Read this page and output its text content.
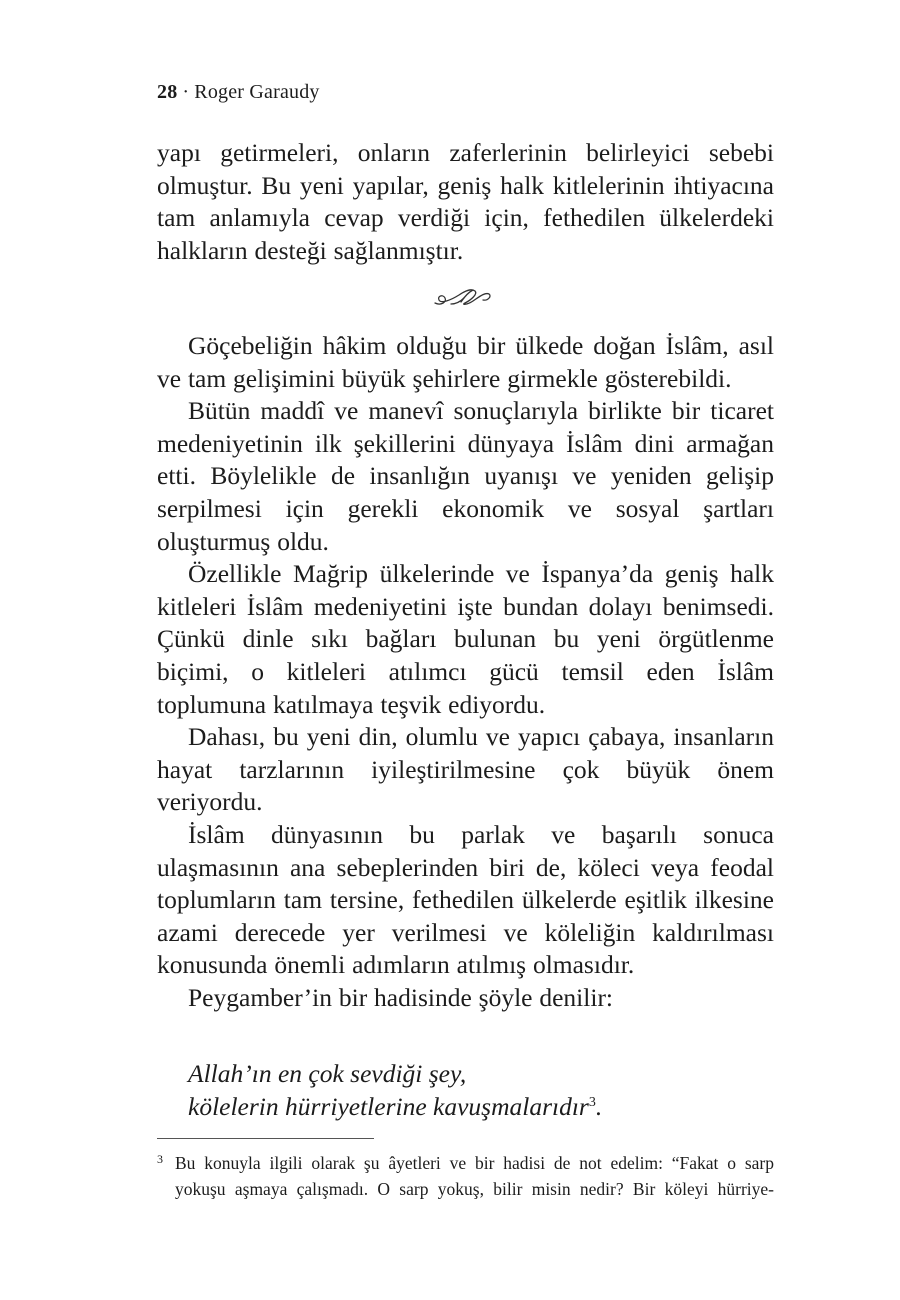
28 · Roger Garaudy

yapı getirmeleri, onların zaferlerinin belirleyici sebebi olmuştur. Bu yeni yapılar, geniş halk kitlelerinin ihtiyacına tam anlamıyla cevap verdiği için, fethedilen ülkelerdeki halkların desteği sağlanmıştır.

Göçebeliğin hâkim olduğu bir ülkede doğan İslâm, asıl ve tam gelişimini büyük şehirlere girmekle gösterebildi.

Bütün maddî ve manevî sonuçlarıyla birlikte bir ticaret medeniyetinin ilk şekillerini dünyaya İslâm dini armağan etti. Böylelikle de insanlığın uyanışı ve yeniden gelişip serpilmesi için gerekli ekonomik ve sosyal şartları oluşturmuş oldu.

Özellikle Mağrip ülkelerinde ve İspanya’da geniş halk kitleleri İslâm medeniyetini işte bundan dolayı benimsedi. Çünkü dinle sıkı bağları bulunan bu yeni örgütlenme biçimi, o kitleleri atılımcı gücü temsil eden İslâm toplumuna katılmaya teşvik ediyordu.

Dahası, bu yeni din, olumlu ve yapıcı çabaya, insanların hayat tarzlarının iyileştirilmesine çok büyük önem veriyordu.

İslâm dünyasının bu parlak ve başarılı sonuca ulaşmasının ana sebeplerinden biri de, köleci veya feodal toplumların tam tersine, fethedilen ülkelerde eşitlik ilkesine azami derecede yer verilmesi ve köleliğin kaldırılması konusunda önemli adımların atılmış olmasıdır.

Peygamber’in bir hadisinde şöyle denilir:

Allah’ın en çok sevdiği şey,
kölelerin hürriyetlerine kavuşmalarıdır$^3$.
3 Bu konuyla ilgili olarak şu âyetleri ve bir hadisi de not edelim: “Fakat o sarp
yokuşu aşmaya çalışmadı. O sarp yokuş, bilir misin nedir? Bir köleyi hürriye-
